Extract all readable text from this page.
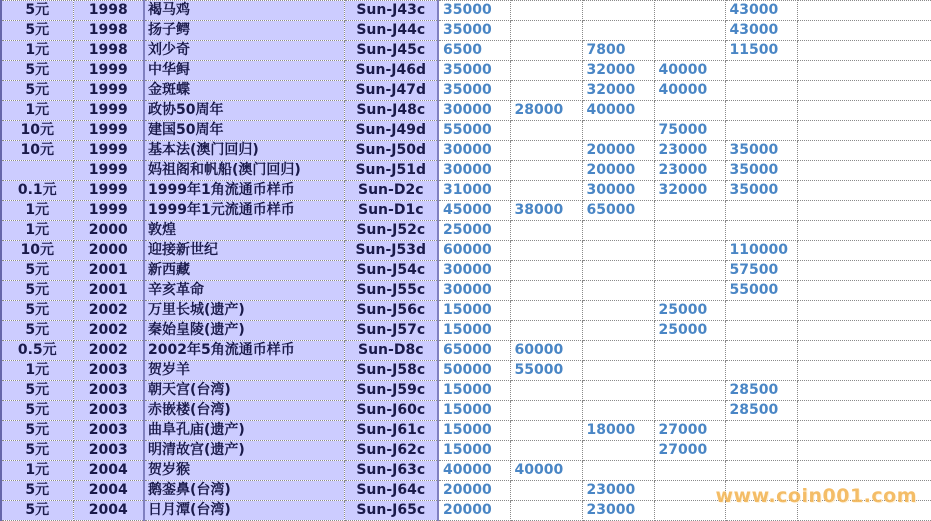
5元	1998	褐马鸡	Sun-J43c	35000				43000	
5元	1998	扬子鳄	Sun-J44c	35000				43000	
1元	1998	刘少奇	Sun-J45c	6500		7800		11500	
5元	1999	中华鲟	Sun-J46d	35000		32000	40000		
5元	1999	金斑蝶	Sun-J47d	35000		32000	40000		
1元	1999	政协50周年	Sun-J48c	30000	28000	40000			
10元	1999	建国50周年	Sun-J49d	55000			75000		
10元	1999	基本法(澳门回归)	Sun-J50d	30000		20000	23000	35000	
	1999	妈祖阁和帆船(澳门回归)	Sun-J51d	30000		20000	23000	35000	
0.1元	1999	1999年1角流通币样币	Sun-D2c	31000		30000	32000	35000	
1元	1999	1999年1元流通币样币	Sun-D1c	45000	38000	65000			
1元	2000	敦煌	Sun-J52c	25000					
10元	2000	迎接新世纪	Sun-J53d	60000				110000	
5元	2001	新西藏	Sun-J54c	30000				57500	
5元	2001	辛亥革命	Sun-J55c	30000				55000	
5元	2002	万里长城(遗产)	Sun-J56c	15000			25000		
5元	2002	秦始皇陵(遗产)	Sun-J57c	15000			25000		
0.5元	2002	2002年5角流通币样币	Sun-D8c	65000	60000				
1元	2003	贺岁羊	Sun-J58c	50000	55000				
5元	2003	朝天宫(台湾)	Sun-J59c	15000				28500	
5元	2003	赤嵌楼(台湾)	Sun-J60c	15000				28500	
5元	2003	曲阜孔庙(遗产)	Sun-J61c	15000		18000	27000		
5元	2003	明清故宫(遗产)	Sun-J62c	15000			27000		
1元	2004	贺岁猴	Sun-J63c	40000	40000				
5元	2004	鹅銮鼻(台湾)	Sun-J64c	20000		23000			
5元	2004	日月潭(台湾)	Sun-J65c	20000		23000			
www.coin001.com
